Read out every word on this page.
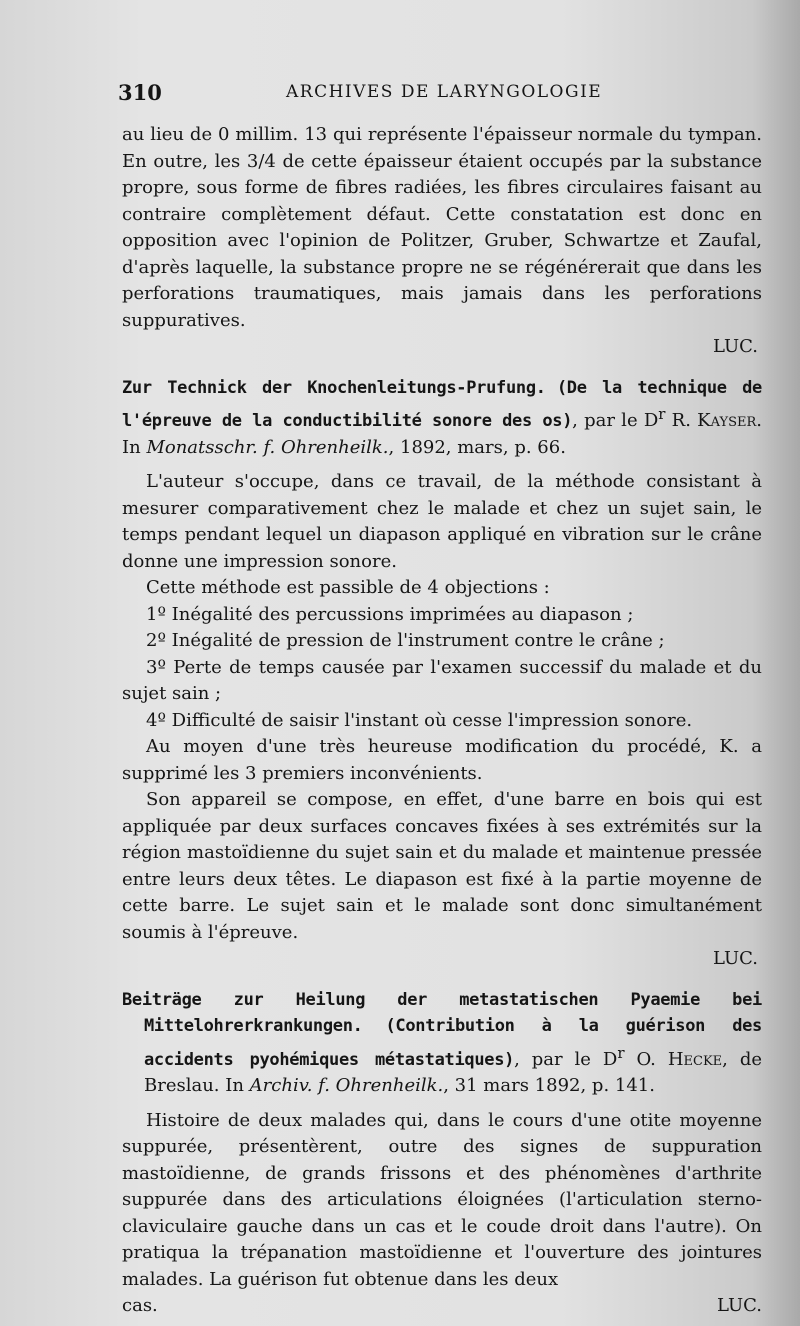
310	ARCHIVES DE LARYNGOLOGIE

au lieu de 0 millim. 13 qui représente l'épaisseur normale du tympan. En outre, les 3/4 de cette épaisseur étaient occupés par la substance propre, sous forme de fibres radiées, les fibres circulaires faisant au contraire complètement défaut. Cette constatation est donc en opposition avec l'opinion de Politzer, Gruber, Schwartze et Zaufal, d'après laquelle, la substance propre ne se régénérerait que dans les perforations traumatiques, mais jamais dans les perforations suppuratives.

LUC.

Zur Technick der Knochenleitungs-Prufung. (De la technique de l'épreuve de la conductibilité sonore des os), par le $D^r$ R. Kayser. In Monatsschr. f. Ohrenheilk., 1892, mars, p. 66.

L'auteur s'occupe, dans ce travail, de la méthode consistant à mesurer comparativement chez le malade et chez un sujet sain, le temps pendant lequel un diapason appliqué en vibration sur le crâne donne une impression sonore.

Cette méthode est passible de 4 objections :

1º Inégalité des percussions imprimées au diapason ;

2º Inégalité de pression de l'instrument contre le crâne ;

3º Perte de temps causée par l'examen successif du malade et du sujet sain ;

4º Difficulté de saisir l'instant où cesse l'impression sonore.

Au moyen d'une très heureuse modification du procédé, K. a supprimé les 3 premiers inconvénients.

Son appareil se compose, en effet, d'une barre en bois qui est appliquée par deux surfaces concaves fixées à ses extrémités sur la région mastoïdienne du sujet sain et du malade et maintenue pressée entre leurs deux têtes. Le diapason est fixé à la partie moyenne de cette barre. Le sujet sain et le malade sont donc simultanément soumis à l'épreuve.

LUC.

Beiträge zur Heilung der metastatischen Pyaemie bei Mittelohrerkrankungen. (Contribution à la guérison des accidents pyohémiques métastatiques), par le $D^r$ O. Hecke, de Breslau. In Archiv. f. Ohrenheilk., 31 mars 1892, p. 141.

Histoire de deux malades qui, dans le cours d'une otite moyenne suppurée, présentèrent, outre des signes de suppuration mastoïdienne, de grands frissons et des phénomènes d'arthrite suppurée dans des articulations éloignées (l'articulation sterno-claviculaire gauche dans un cas et le coude droit dans l'autre). On pratiqua la trépanation mastoïdienne et l'ouverture des jointures malades. La guérison fut obtenue dans les deux

cas.	LUC.
